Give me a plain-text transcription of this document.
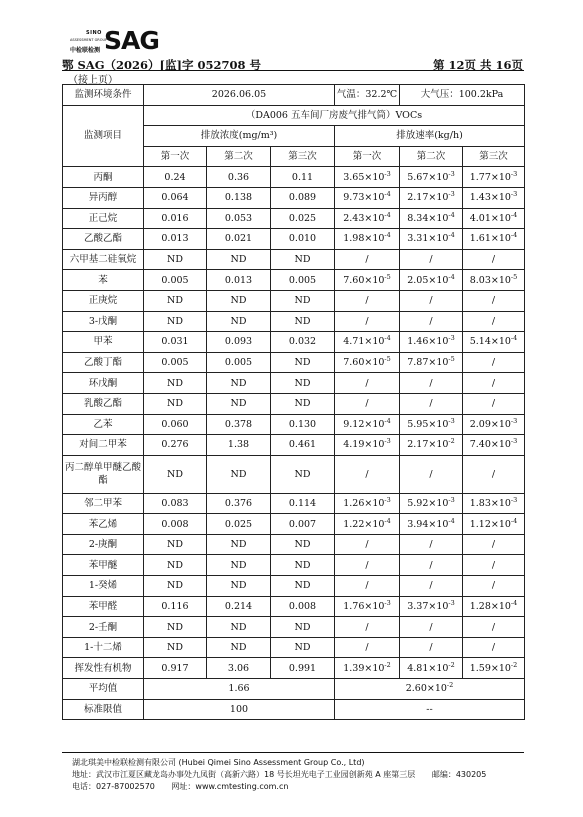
SINO
ASSESSMENT GROUP
中检联检测 SAG
鄂 SAG（2026）[监]字 052708 号	第 12页 共 16页
（接上页）
监测环境条件	2026.06.05			气温：32.2℃	大气压：100.2kPa	
监测项目	（DA006 五车间厂房废气排气筒）VOCs					
	排放浓度(mg/m³)			排放速率(kg/h)		
	第一次	第二次	第三次	第一次	第二次	第三次
丙酮	0.24	0.36	0.11	$3.65\times 10^{-3}$	$5.67\times 10^{-3}$	$1.77\times 10^{-3}$
异丙醇	0.064	0.138	0.089	$9.73\times 10^{-4}$	$2.17\times 10^{-3}$	$1.43\times 10^{-3}$
正己烷	0.016	0.053	0.025	$2.43\times 10^{-4}$	$8.34\times 10^{-4}$	$4.01\times 10^{-4}$
乙酸乙酯	0.013	0.021	0.010	$1.98\times 10^{-4}$	$3.31\times 10^{-4}$	$1.61\times 10^{-4}$
六甲基二硅氧烷	ND	ND	ND	/	/	/
苯	0.005	0.013	0.005	$7.60\times 10^{-5}$	$2.05\times 10^{-4}$	$8.03\times 10^{-5}$
正庚烷	ND	ND	ND	/	/	/
3-戊酮	ND	ND	ND	/	/	/
甲苯	0.031	0.093	0.032	$4.71\times 10^{-4}$	$1.46\times 10^{-3}$	$5.14\times 10^{-4}$
乙酸丁酯	0.005	0.005	ND	$7.60\times 10^{-5}$	$7.87\times 10^{-5}$	/
环戊酮	ND	ND	ND	/	/	/
乳酸乙酯	ND	ND	ND	/	/	/
乙苯	0.060	0.378	0.130	$9.12\times 10^{-4}$	$5.95\times 10^{-3}$	$2.09\times 10^{-3}$
对间二甲苯	0.276	1.38	0.461	$4.19\times 10^{-3}$	$2.17\times 10^{-2}$	$7.40\times 10^{-3}$
丙二醇单甲醚乙酸酯	ND	ND	ND	/	/	/
邻二甲苯	0.083	0.376	0.114	$1.26\times 10^{-3}$	$5.92\times 10^{-3}$	$1.83\times 10^{-3}$
苯乙烯	0.008	0.025	0.007	$1.22\times 10^{-4}$	$3.94\times 10^{-4}$	$1.12\times 10^{-4}$
2-庚酮	ND	ND	ND	/	/	/
苯甲醚	ND	ND	ND	/	/	/
1-癸烯	ND	ND	ND	/	/	/
苯甲醛	0.116	0.214	0.008	$1.76\times 10^{-3}$	$3.37\times 10^{-3}$	$1.28\times 10^{-4}$
2-壬酮	ND	ND	ND	/	/	/
1-十二烯	ND	ND	ND	/	/	/
挥发性有机物	0.917	3.06	0.991	$1.39\times 10^{-2}$	$4.81\times 10^{-2}$	$1.59\times 10^{-2}$
平均值	1.66			$2.60\times 10^{-2}$
标准限值	100			--		
湖北琪美中检联检测有限公司 (Hubei Qimei Sino Assessment Group Co., Ltd)
地址：武汉市江夏区藏龙岛办事处九凤街（高新六路）18 号长坦光电子工业园创新苑 A 座第三层 邮编：430205
电话：027-87002570 网址：www.cmtesting.com.cn
